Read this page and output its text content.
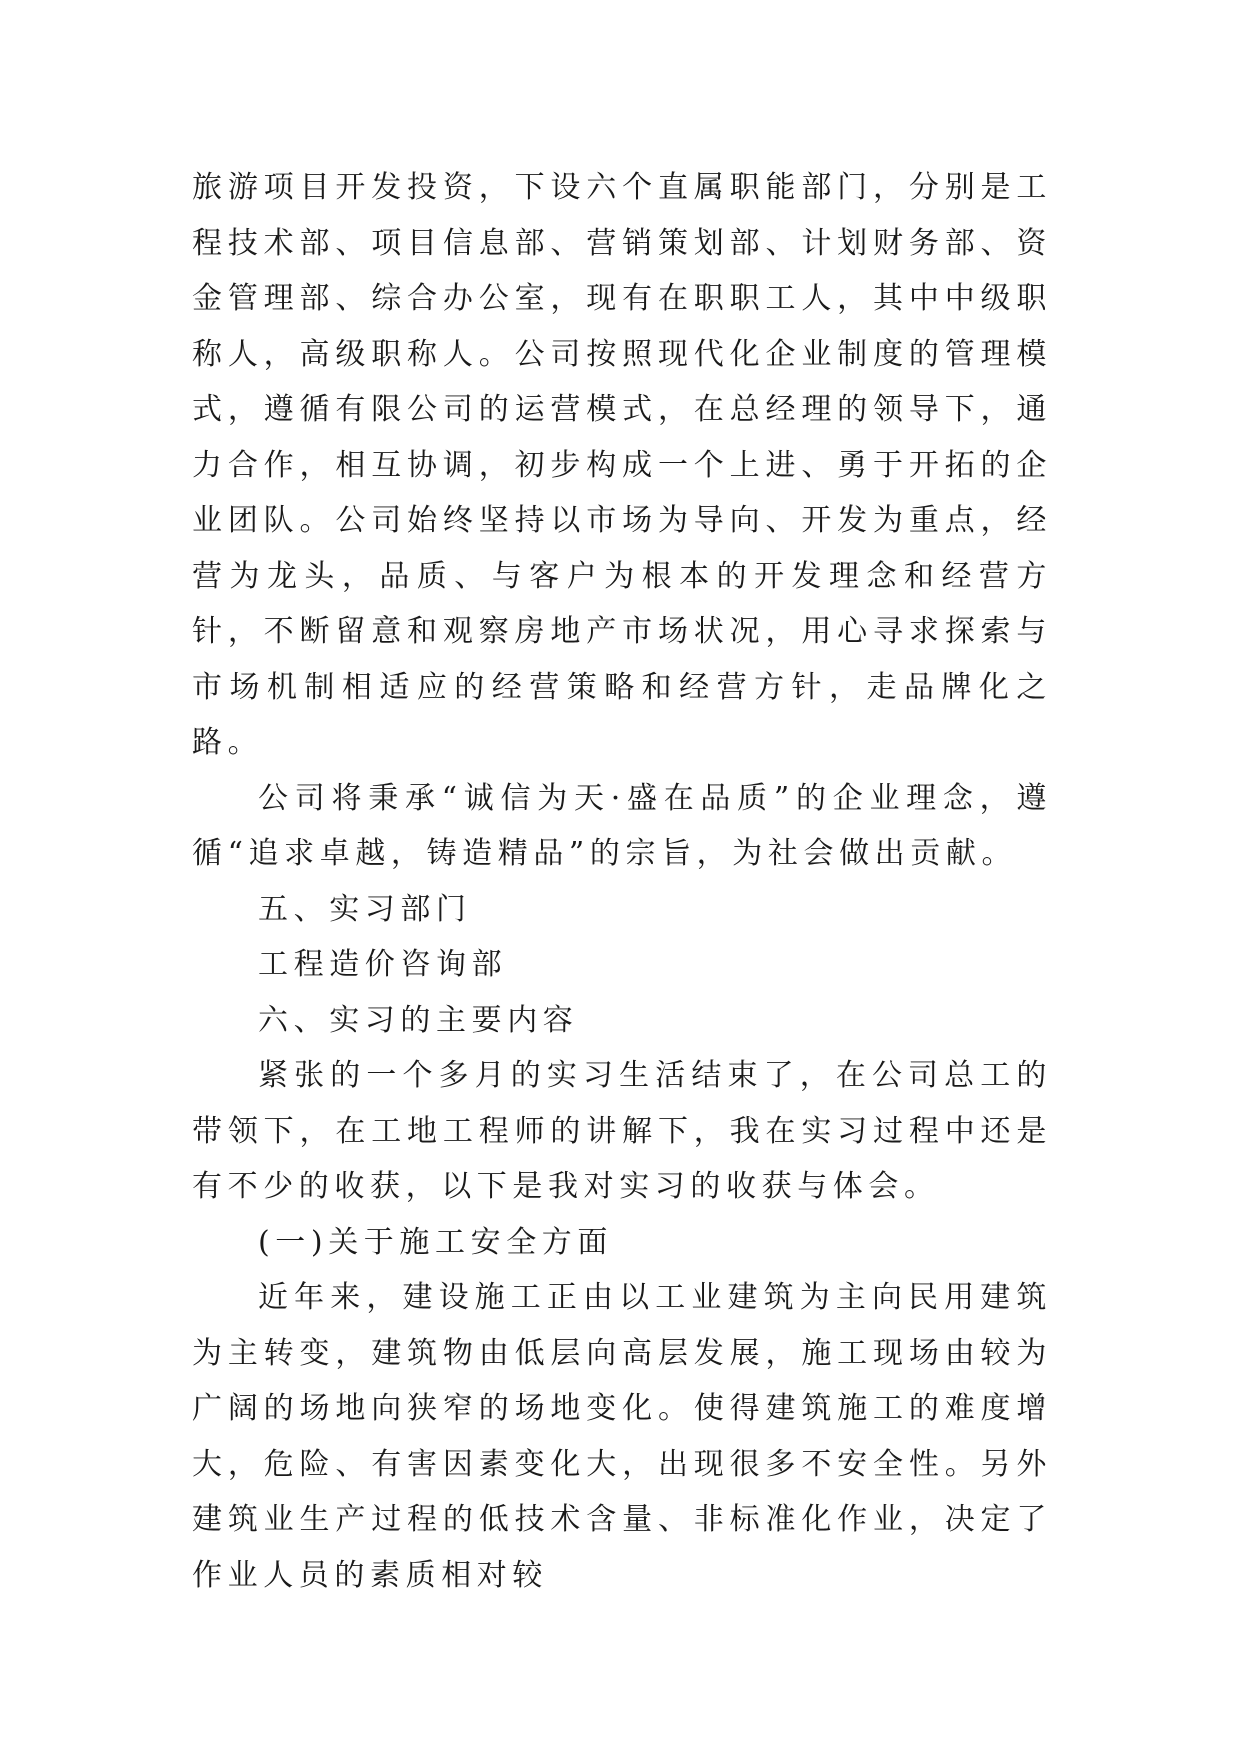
旅游项目开发投资，下设六个直属职能部门，分别是工程技术部、项目信息部、营销策划部、计划财务部、资金管理部、综合办公室，现有在职职工人，其中中级职称人，高级职称人。公司按照现代化企业制度的管理模式，遵循有限公司的运营模式，在总经理的领导下，通力合作，相互协调，初步构成一个上进、勇于开拓的企业团队。公司始终坚持以市场为导向、开发为重点，经营为龙头，品质、与客户为根本的开发理念和经营方针，不断留意和观察房地产市场状况，用心寻求探索与市场机制相适应的经营策略和经营方针，走品牌化之路。

公司将秉承“诚信为天·盛在品质”的企业理念，遵循“追求卓越，铸造精品”的宗旨，为社会做出贡献。

五、实习部门

工程造价咨询部

六、实习的主要内容

紧张的一个多月的实习生活结束了，在公司总工的带领下，在工地工程师的讲解下，我在实习过程中还是有不少的收获，以下是我对实习的收获与体会。

(一)关于施工安全方面

近年来，建设施工正由以工业建筑为主向民用建筑为主转变，建筑物由低层向高层发展，施工现场由较为广阔的场地向狭窄的场地变化。使得建筑施工的难度增大，危险、有害因素变化大，出现很多不安全性。另外建筑业生产过程的低技术含量、非标准化作业，决定了作业人员的素质相对较
